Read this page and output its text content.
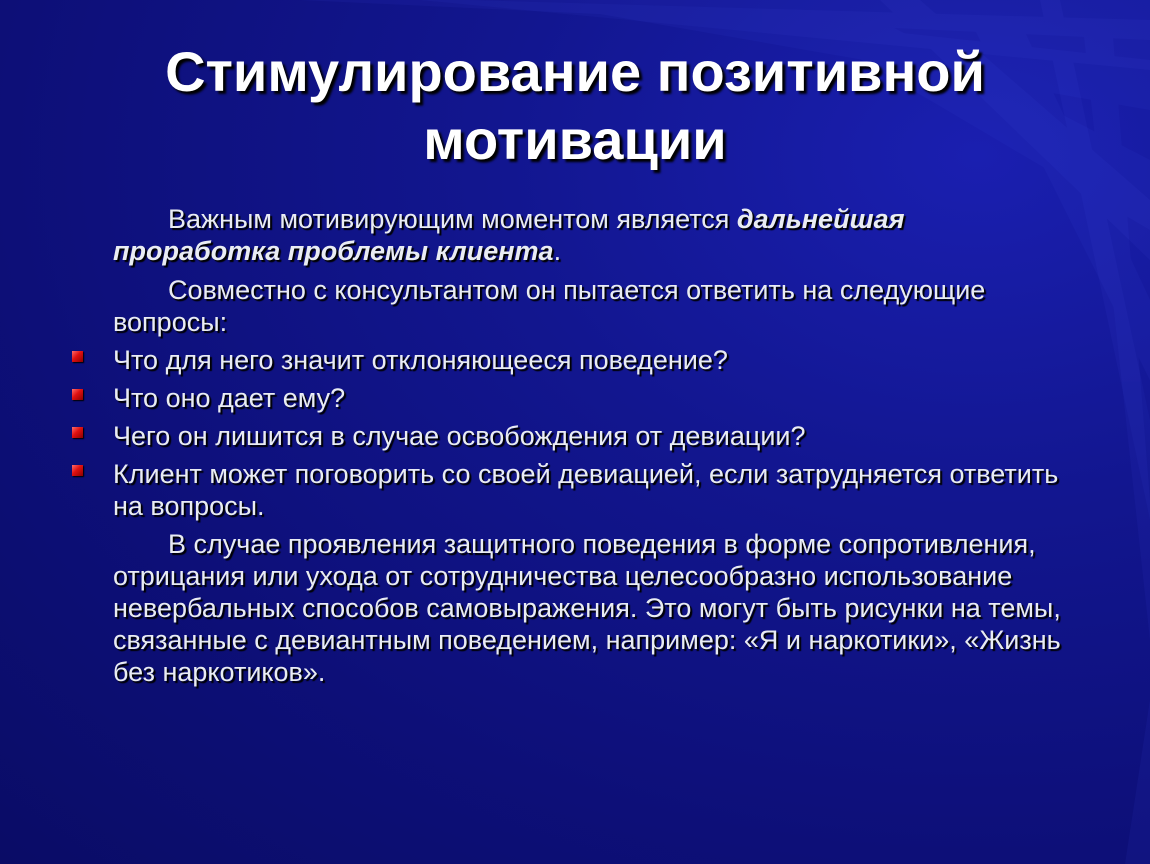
Стимулирование позитивной мотивации

Важным мотивирующим моментом является дальнейшая проработка проблемы клиента.

Совместно с консультантом он пытается ответить на следующие вопросы:

Что для него значит отклоняющееся поведение?
Что оно дает ему?
Чего он лишится в случае освобождения от девиации?
Клиент может поговорить со своей девиацией, если затрудняется ответить на вопросы.

В случае проявления защитного поведения в форме сопротивления, отрицания или ухода от сотрудничества целесообразно использование невербальных способов самовыражения. Это могут быть рисунки на темы, связанные с девиантным поведением, например: «Я и наркотики», «Жизнь без наркотиков».
